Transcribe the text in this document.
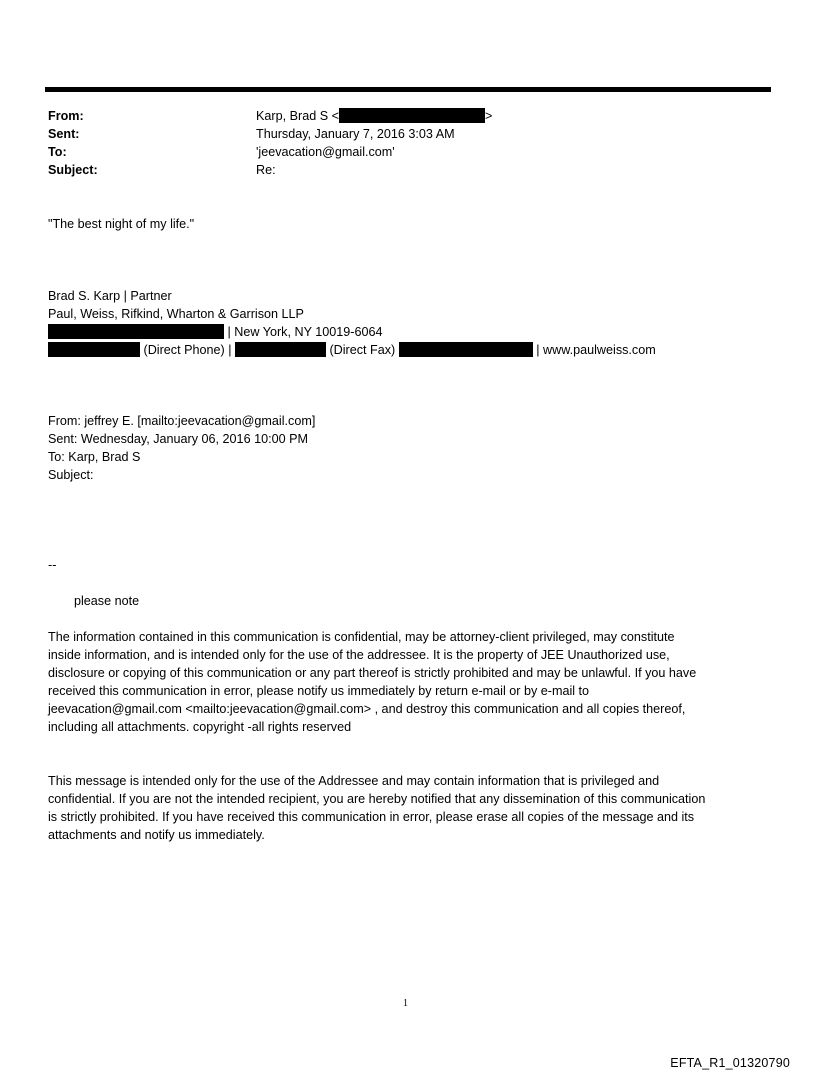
From:	Karp, Brad S <	>
Sent:	Thursday, January 7, 2016 3:03 AM
To:	'jeevacation@gmail.com'
Subject:	Re:
"The best night of my life."
Brad S. Karp | Partner
Paul, Weiss, Rifkind, Wharton & Garrison LLP
| New York, NY 10019-6064
(Direct Phone) |	(Direct Fax)	| www.paulweiss.com
From: jeffrey E. [mailto:jeevacation@gmail.com]
Sent: Wednesday, January 06, 2016 10:00 PM
To: Karp, Brad S
Subject:
--
please note
The information contained in this communication is confidential, may be attorney-client privileged, may constitute
inside information, and is intended only for the use of the addressee. It is the property of JEE Unauthorized use,
disclosure or copying of this communication or any part thereof is strictly prohibited and may be unlawful. If you have
received this communication in error, please notify us immediately by return e-mail or by e-mail to
jeevacation@gmail.com <mailto:jeevacation@gmail.com> , and destroy this communication and all copies thereof,
including all attachments. copyright -all rights reserved
This message is intended only for the use of the Addressee and may contain information that is privileged and
confidential. If you are not the intended recipient, you are hereby notified that any dissemination of this communication
is strictly prohibited. If you have received this communication in error, please erase all copies of the message and its
attachments and notify us immediately.
1
EFTA_R1_01320790
